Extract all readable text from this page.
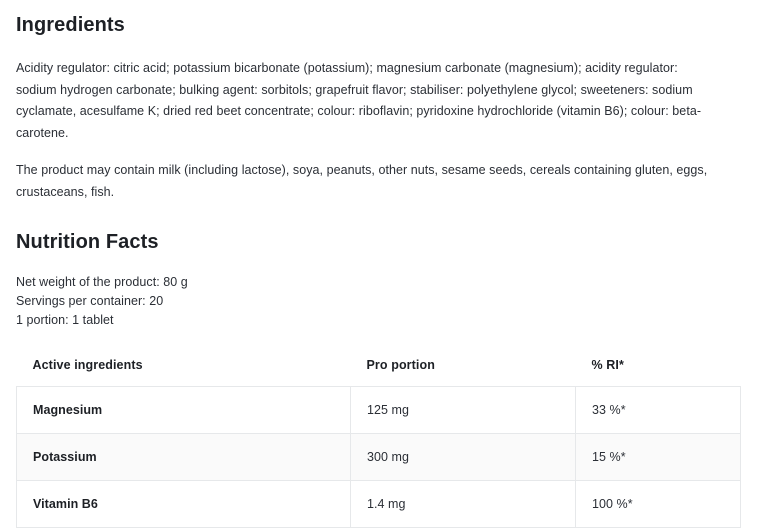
Ingredients

Acidity regulator: citric acid; potassium bicarbonate (potassium); magnesium carbonate (magnesium); acidity regulator: sodium hydrogen carbonate; bulking agent: sorbitols; grapefruit flavor; stabiliser: polyethylene glycol; sweeteners: sodium cyclamate, acesulfame K; dried red beet concentrate; colour: riboflavin; pyridoxine hydrochloride (vitamin B6); colour: beta-carotene.

The product may contain milk (including lactose), soya, peanuts, other nuts, sesame seeds, cereals containing gluten, eggs, crustaceans, fish.

Nutrition Facts
Net weight of the product: 80 g
Servings per container: 20
1 portion: 1 tablet
Active ingredients	Pro portion	% RI*
Magnesium	125 mg	33 %*
Potassium	300 mg	15 %*
Vitamin B6	1.4 mg	100 %*
